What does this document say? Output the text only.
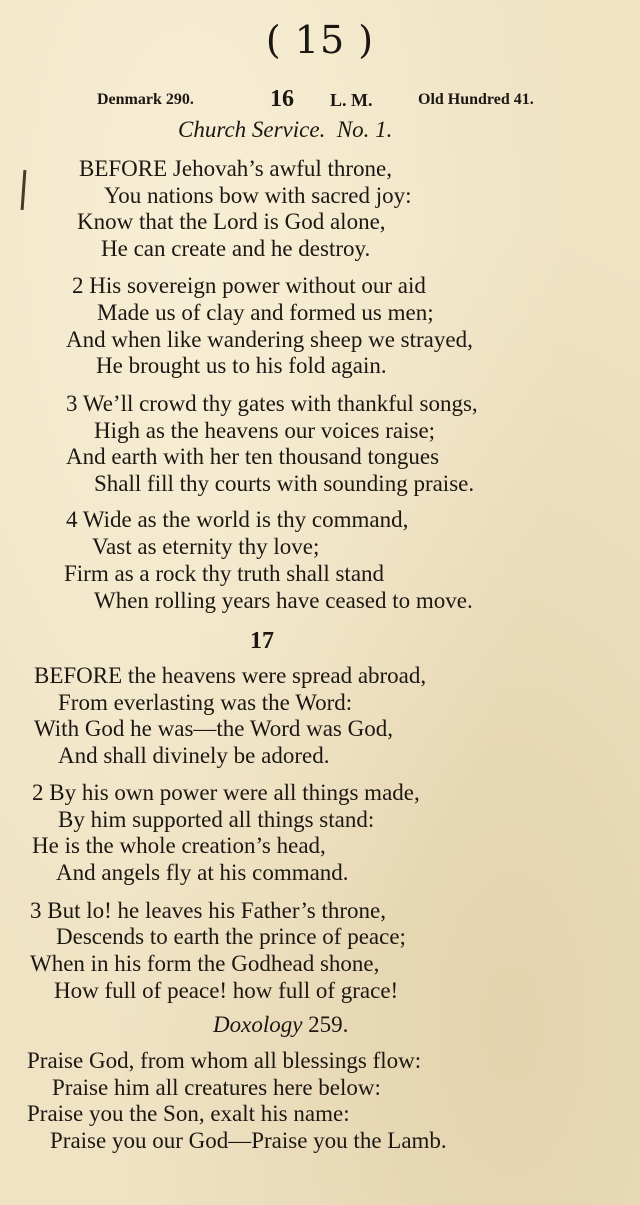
( 15 )
Denmark 290.	16 L. M.	Old Hundred 41.
Church Service. No. 1.
BEFORE Jehovah’s awful throne,
You nations bow with sacred joy:
Know that the Lord is God alone,
He can create and he destroy.
2 His sovereign power without our aid
Made us of clay and formed us men;
And when like wandering sheep we strayed,
He brought us to his fold again.
3 We’ll crowd thy gates with thankful songs,
High as the heavens our voices raise;
And earth with her ten thousand tongues
Shall fill thy courts with sounding praise.
4 Wide as the world is thy command,
Vast as eternity thy love;
Firm as a rock thy truth shall stand
When rolling years have ceased to move.
17
BEFORE the heavens were spread abroad,
From everlasting was the Word:
With God he was—the Word was God,
And shall divinely be adored.
2 By his own power were all things made,
By him supported all things stand:
He is the whole creation’s head,
And angels fly at his command.
3 But lo! he leaves his Father’s throne,
Descends to earth the prince of peace;
When in his form the Godhead shone,
How full of peace! how full of grace!
Doxology 259.
Praise God, from whom all blessings flow:
Praise him all creatures here below:
Praise you the Son, exalt his name:
Praise you our God—Praise you the Lamb.
